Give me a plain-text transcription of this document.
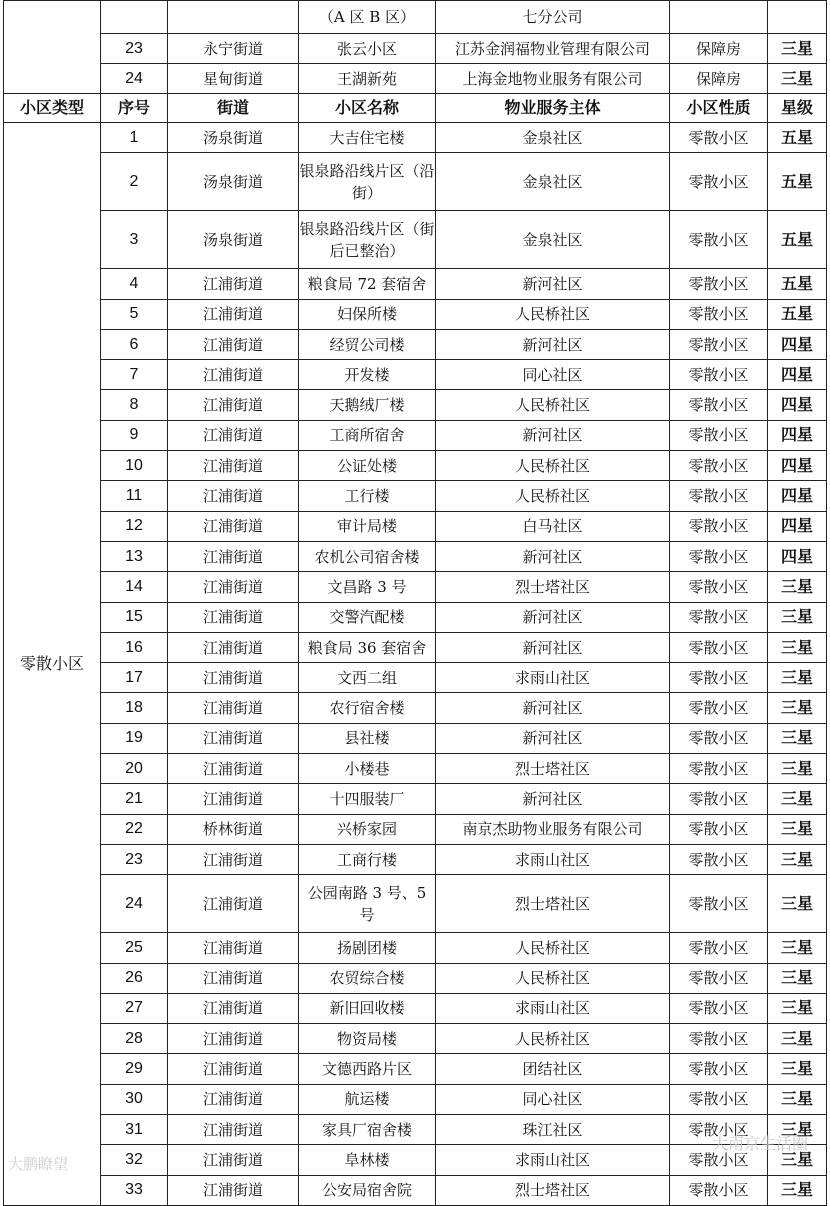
			（A 区 B 区）	七分公司		
	23	永宁街道	张云小区	江苏金润福物业管理有限公司	保障房	三星
	24	星甸街道	王湖新苑	上海金地物业服务有限公司	保障房	三星
小区类型	序号	街道	小区名称	物业服务主体	小区性质	星级
零散小区	1	汤泉街道	大吉住宅楼	金泉社区	零散小区	五星
	2	汤泉街道	银泉路沿线片区（沿街）	金泉社区	零散小区	五星
	3	汤泉街道	银泉路沿线片区（街后已整治）	金泉社区	零散小区	五星
	4	江浦街道	粮食局 72 套宿舍	新河社区	零散小区	五星
	5	江浦街道	妇保所楼	人民桥社区	零散小区	五星
	6	江浦街道	经贸公司楼	新河社区	零散小区	四星
	7	江浦街道	开发楼	同心社区	零散小区	四星
	8	江浦街道	天鹅绒厂楼	人民桥社区	零散小区	四星
	9	江浦街道	工商所宿舍	新河社区	零散小区	四星
	10	江浦街道	公证处楼	人民桥社区	零散小区	四星
	11	江浦街道	工行楼	人民桥社区	零散小区	四星
	12	江浦街道	审计局楼	白马社区	零散小区	四星
	13	江浦街道	农机公司宿舍楼	新河社区	零散小区	四星
	14	江浦街道	文昌路 3 号	烈士塔社区	零散小区	三星
	15	江浦街道	交警汽配楼	新河社区	零散小区	三星
	16	江浦街道	粮食局 36 套宿舍	新河社区	零散小区	三星
	17	江浦街道	文西二组	求雨山社区	零散小区	三星
	18	江浦街道	农行宿舍楼	新河社区	零散小区	三星
	19	江浦街道	县社楼	新河社区	零散小区	三星
	20	江浦街道	小楼巷	烈士塔社区	零散小区	三星
	21	江浦街道	十四服装厂	新河社区	零散小区	三星
	22	桥林街道	兴桥家园	南京杰助物业服务有限公司	零散小区	三星
	23	江浦街道	工商行楼	求雨山社区	零散小区	三星
	24	江浦街道	公园南路 3 号、5 号	烈士塔社区	零散小区	三星
	25	江浦街道	扬剧团楼	人民桥社区	零散小区	三星
	26	江浦街道	农贸综合楼	人民桥社区	零散小区	三星
	27	江浦街道	新旧回收楼	求雨山社区	零散小区	三星
	28	江浦街道	物资局楼	人民桥社区	零散小区	三星
	29	江浦街道	文德西路片区	团结社区	零散小区	三星
	30	江浦街道	航运楼	同心社区	零散小区	三星
	31	江浦街道	家具厂宿舍楼	珠江社区	零散小区	三星
	32	江浦街道	阜林楼	求雨山社区	零散小区	三星
	33	江浦街道	公安局宿舍院	烈士塔社区	零散小区	三星
大鹏瞭望
大南京生活圈
